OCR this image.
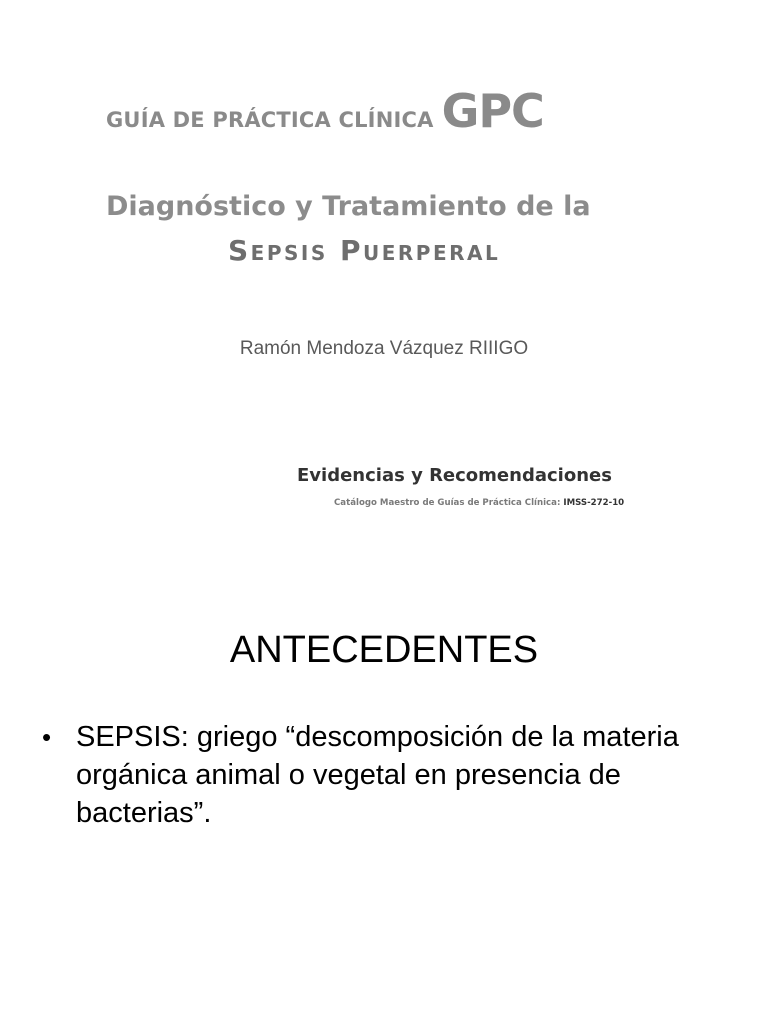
GUÍA DE PRÁCTICA CLÍNICA GPC
Diagnóstico y Tratamiento de la
Sepsis Puerperal
Ramón Mendoza Vázquez RIIIGO
Evidencias y Recomendaciones
Catálogo Maestro de Guías de Práctica Clínica: IMSS-272-10
ANTECEDENTES
• SEPSIS: griego “descomposición de la materia orgánica animal o vegetal en presencia de bacterias”.
